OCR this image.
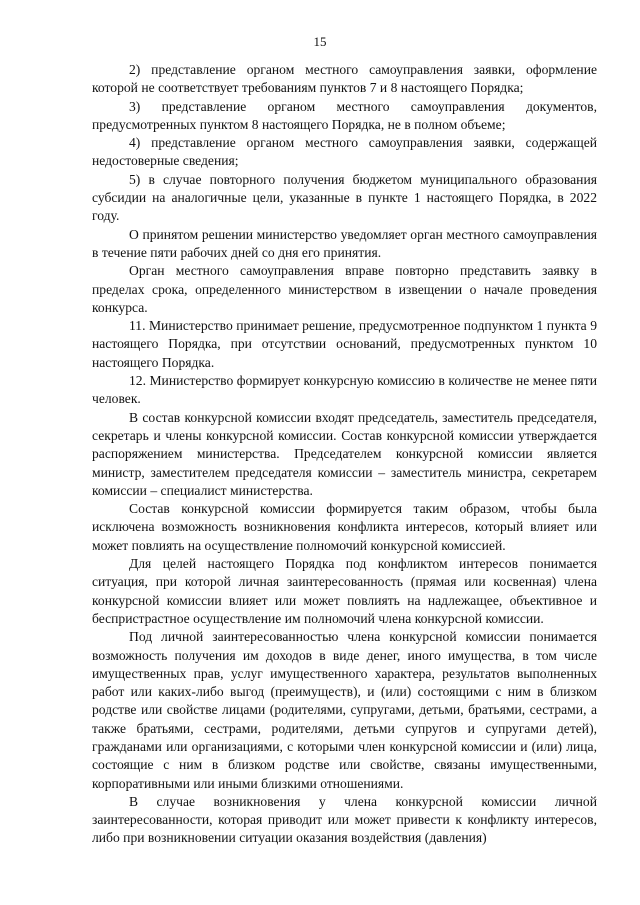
15

2) представление органом местного самоуправления заявки, оформление которой не соответствует требованиям пунктов 7 и 8 настоящего Порядка;

3) представление органом местного самоуправления документов, предусмотренных пунктом 8 настоящего Порядка, не в полном объеме;

4) представление органом местного самоуправления заявки, содержащей недостоверные сведения;

5) в случае повторного получения бюджетом муниципального образования субсидии на аналогичные цели, указанные в пункте 1 настоящего Порядка, в 2022 году.

О принятом решении министерство уведомляет орган местного самоуправления в течение пяти рабочих дней со дня его принятия.

Орган местного самоуправления вправе повторно представить заявку в пределах срока, определенного министерством в извещении о начале проведения конкурса.

11. Министерство принимает решение, предусмотренное подпунктом 1 пункта 9 настоящего Порядка, при отсутствии оснований, предусмотренных пунктом 10 настоящего Порядка.

12. Министерство формирует конкурсную комиссию в количестве не менее пяти человек.

В состав конкурсной комиссии входят председатель, заместитель председателя, секретарь и члены конкурсной комиссии. Состав конкурсной комиссии утверждается распоряжением министерства. Председателем конкурсной комиссии является министр, заместителем председателя комиссии – заместитель министра, секретарем комиссии – специалист министерства.

Состав конкурсной комиссии формируется таким образом, чтобы была исключена возможность возникновения конфликта интересов, который влияет или может повлиять на осуществление полномочий конкурсной комиссией.

Для целей настоящего Порядка под конфликтом интересов понимается ситуация, при которой личная заинтересованность (прямая или косвенная) члена конкурсной комиссии влияет или может повлиять на надлежащее, объективное и беспристрастное осуществление им полномочий члена конкурсной комиссии.

Под личной заинтересованностью члена конкурсной комиссии понимается возможность получения им доходов в виде денег, иного имущества, в том числе имущественных прав, услуг имущественного характера, результатов выполненных работ или каких-либо выгод (преимуществ), и (или) состоящими с ним в близком родстве или свойстве лицами (родителями, супругами, детьми, братьями, сестрами, а также братьями, сестрами, родителями, детьми супругов и супругами детей), гражданами или организациями, с которыми член конкурсной комиссии и (или) лица, состоящие с ним в близком родстве или свойстве, связаны имущественными, корпоративными или иными близкими отношениями.

В случае возникновения у члена конкурсной комиссии личной заинтересованности, которая приводит или может привести к конфликту интересов, либо при возникновении ситуации оказания воздействия (давления)
